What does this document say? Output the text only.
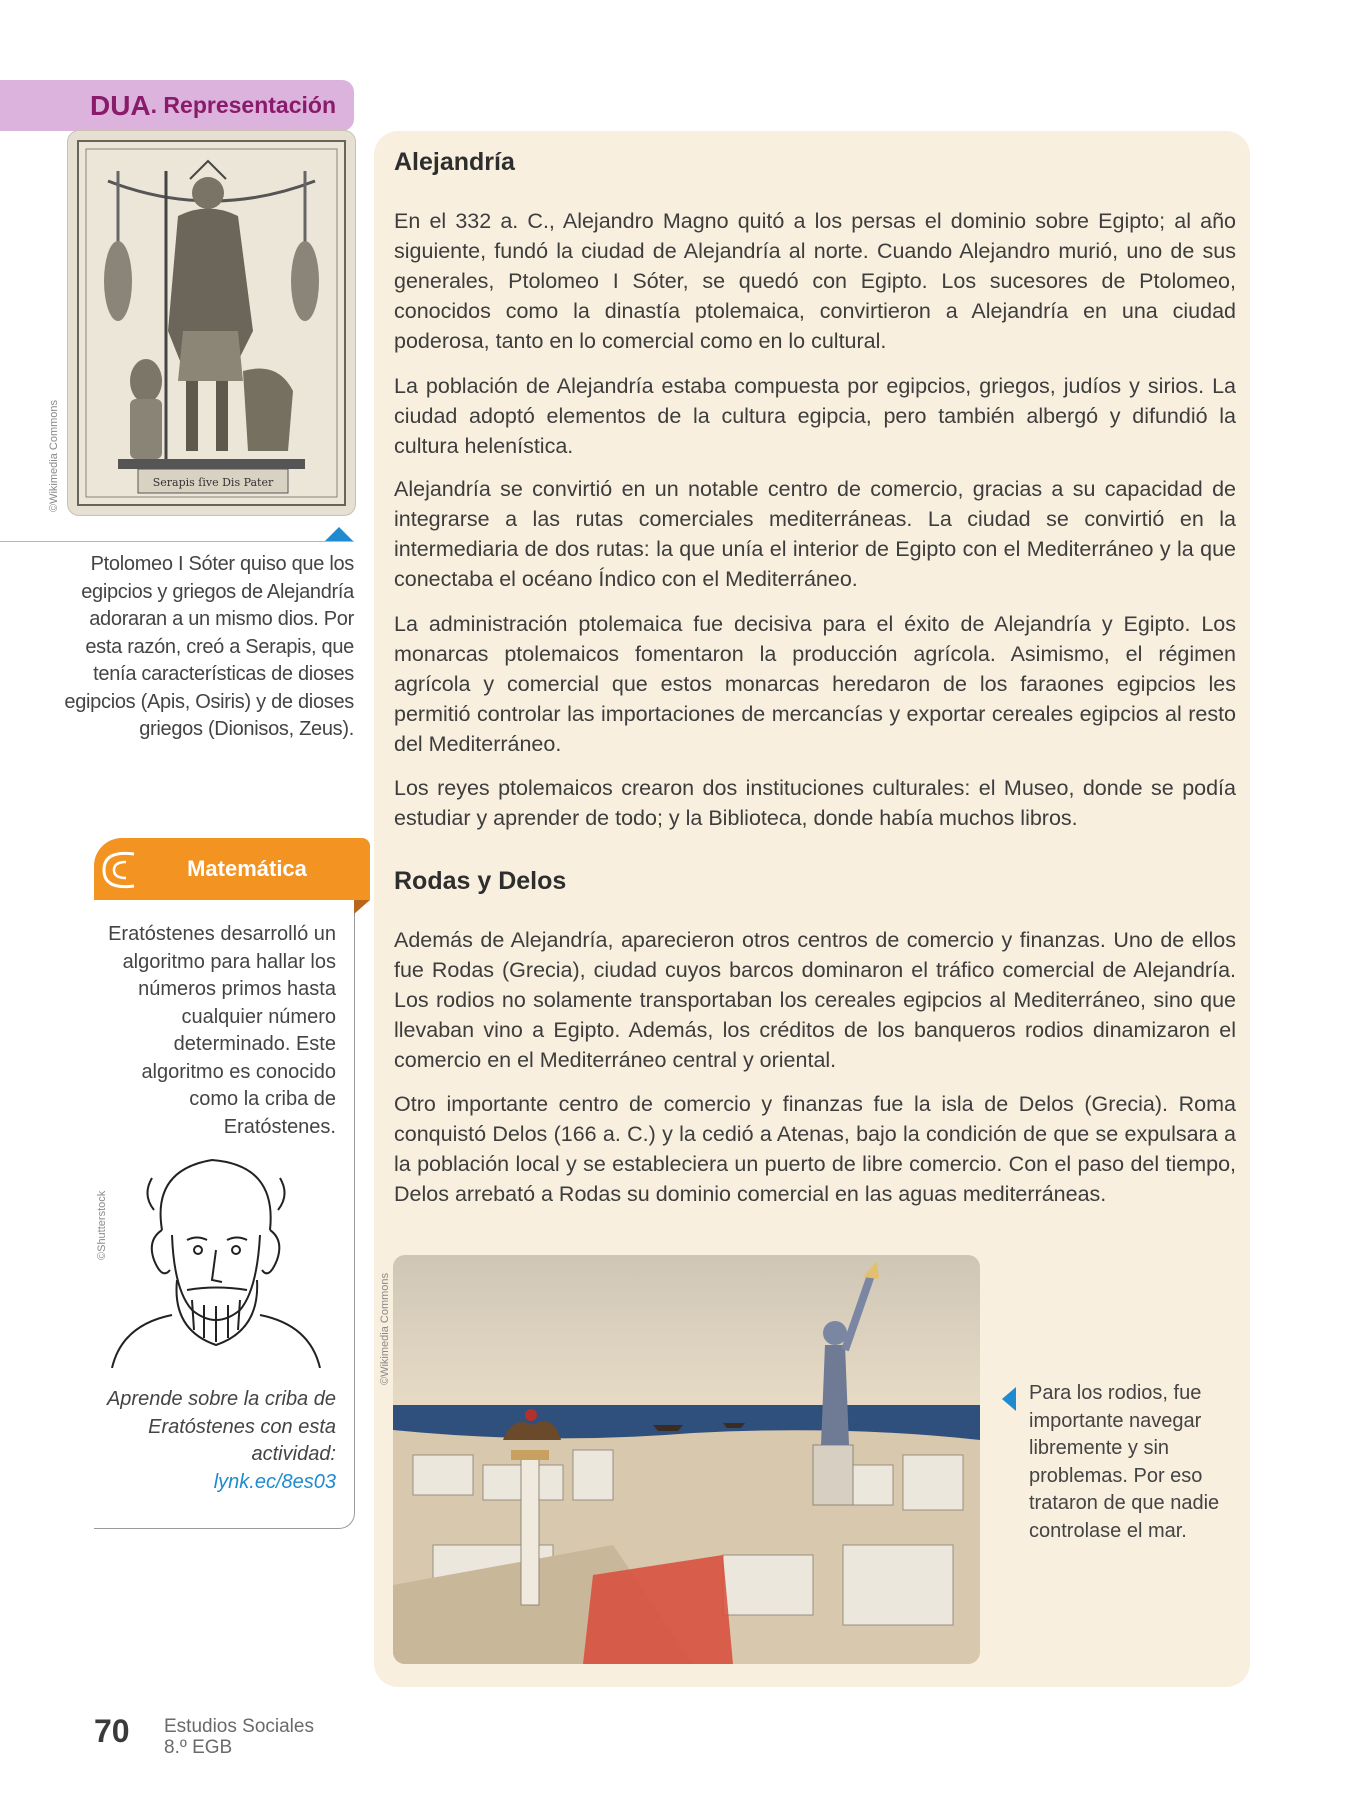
DUA . Representación
Serapis ſive Dis Pater
©Wikimedia Commons
Ptolomeo I Sóter quiso que los egipcios y griegos de Alejandría adoraran a un mismo dios. Por esta razón, creó a Serapis, que tenía características de dioses egipcios (Apis, Osiris) y de dioses griegos (Dionisos, Zeus).
Matemática
Eratóstenes desarrolló un algoritmo para hallar los números primos hasta cualquier número determinado. Este algoritmo es conocido como la criba de Eratóstenes.
©Shutterstock
Aprende sobre la criba de Eratóstenes con esta actividad:
lynk.ec/8es03
Alejandría
En el 332 a. C., Alejandro Magno quitó a los persas el dominio sobre Egipto; al año siguiente, fundó la ciudad de Alejandría al norte. Cuando Alejandro murió, uno de sus generales, Ptolomeo I Sóter, se quedó con Egipto. Los sucesores de Ptolomeo, conocidos como la dinastía ptolemaica, convirtieron a Alejandría en una ciudad poderosa, tanto en lo comercial como en lo cultural.
La población de Alejandría estaba compuesta por egipcios, griegos, judíos y sirios. La ciudad adoptó elementos de la cultura egipcia, pero también albergó y difundió la cultura helenística.
Alejandría se convirtió en un notable centro de comercio, gracias a su capacidad de integrarse a las rutas comerciales mediterráneas. La ciudad se convirtió en la intermediaria de dos rutas: la que unía el interior de Egipto con el Mediterráneo y la que conectaba el océano Índico con el Mediterráneo.
La administración ptolemaica fue decisiva para el éxito de Alejandría y Egipto. Los monarcas ptolemaicos fomentaron la producción agrícola. Asimismo, el régimen agrícola y comercial que estos monarcas heredaron de los faraones egipcios les permitió controlar las importaciones de mercancías y exportar cereales egipcios al resto del Mediterráneo.
Los reyes ptolemaicos crearon dos instituciones culturales: el Museo, donde se podía estudiar y aprender de todo; y la Biblioteca, donde había muchos libros.
Rodas y Delos
Además de Alejandría, aparecieron otros centros de comercio y finanzas. Uno de ellos fue Rodas (Grecia), ciudad cuyos barcos dominaron el tráfico comercial de Alejandría. Los rodios no solamente transportaban los cereales egipcios al Mediterráneo, sino que llevaban vino a Egipto. Además, los créditos de los banqueros rodios dinamizaron el comercio en el Mediterráneo central y oriental.
Otro importante centro de comercio y finanzas fue la isla de Delos (Grecia). Roma conquistó Delos (166 a. C.) y la cedió a Atenas, bajo la condición de que se expulsara a la población local y se estableciera un puerto de libre comercio. Con el paso del tiempo, Delos arrebató a Rodas su dominio comercial en las aguas mediterráneas.
©Wikimedia Commons
Para los rodios, fue importante navegar libremente y sin problemas. Por eso trataron de que nadie controlase el mar.
70 Estudios Sociales
8.º EGB
